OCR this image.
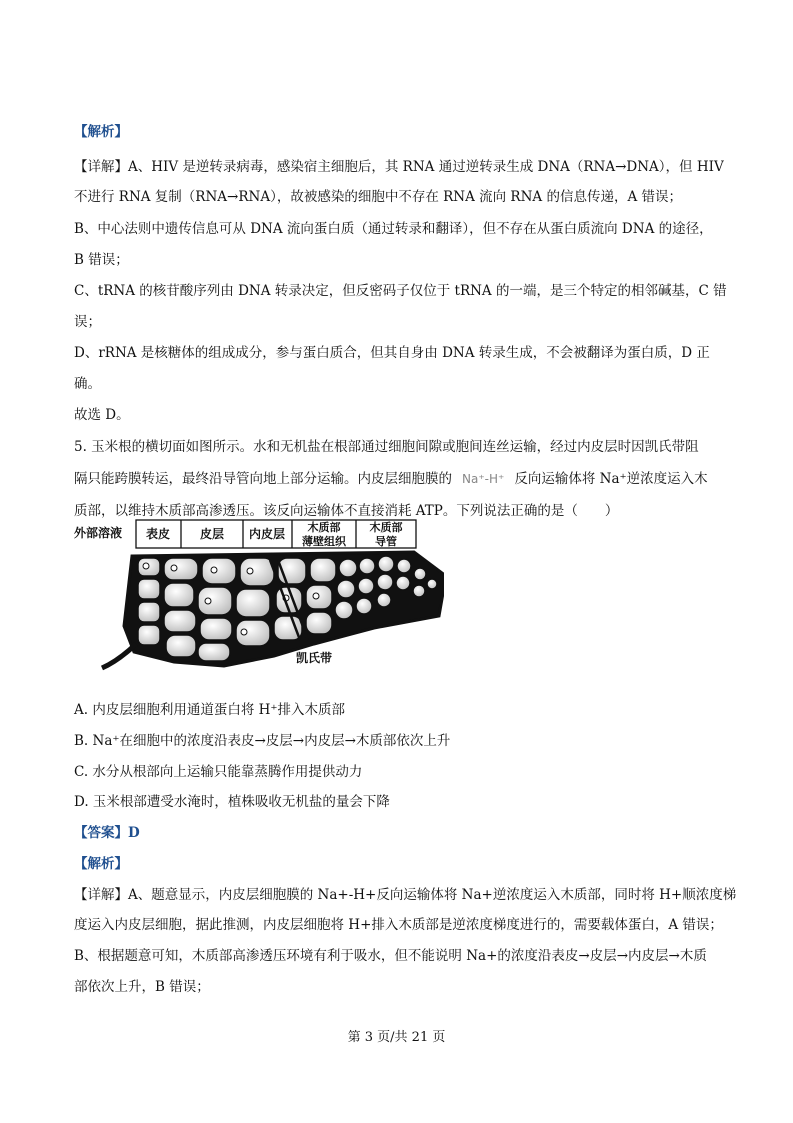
【解析】
【详解】A、HIV 是逆转录病毒，感染宿主细胞后，其 RNA 通过逆转录生成 DNA（RNA→DNA），但 HIV
不进行 RNA 复制（RNA→RNA），故被感染的细胞中不存在 RNA 流向 RNA 的信息传递，A 错误；
B、中心法则中遗传信息可从 DNA 流向蛋白质（通过转录和翻译），但不存在从蛋白质流向 DNA 的途径，
B 错误；
C、tRNA 的核苷酸序列由 DNA 转录决定，但反密码子仅位于 tRNA 的一端，是三个特定的相邻碱基，C 错
误；
D、rRNA 是核糖体的组成成分，参与蛋白质合，但其自身由 DNA 转录生成，不会被翻译为蛋白质，D 正
确。
故选 D。
5. 玉米根的横切面如图所示。水和无机盐在根部通过细胞间隙或胞间连丝运输，经过内皮层时因凯氏带阻
隔只能跨膜转运，最终沿导管向地上部分运输。内皮层细胞膜的 Na⁺-H⁺ 反向运输体将 Na⁺逆浓度运入木
质部，以维持木质部高渗透压。该反向运输体不直接消耗 ATP。下列说法正确的是（　　）
外部溶液 表皮 皮层 内皮层 木质部
薄壁组织
木质部
导管
凯氏带
A. 内皮层细胞利用通道蛋白将 H⁺排入木质部
B. Na⁺在细胞中的浓度沿表皮→皮层→内皮层→木质部依次上升
C. 水分从根部向上运输只能靠蒸腾作用提供动力
D. 玉米根部遭受水淹时，植株吸收无机盐的量会下降
【答案】D
【解析】
【详解】A、题意显示，内皮层细胞膜的 Na+-H+反向运输体将 Na+逆浓度运入木质部，同时将 H+顺浓度梯
度运入内皮层细胞，据此推测，内皮层细胞将 H+排入木质部是逆浓度梯度进行的，需要载体蛋白，A 错误；
B、根据题意可知，木质部高渗透压环境有利于吸水，但不能说明 Na+的浓度沿表皮→皮层→内皮层→木质
部依次上升，B 错误；
第 3 页/共 21 页
